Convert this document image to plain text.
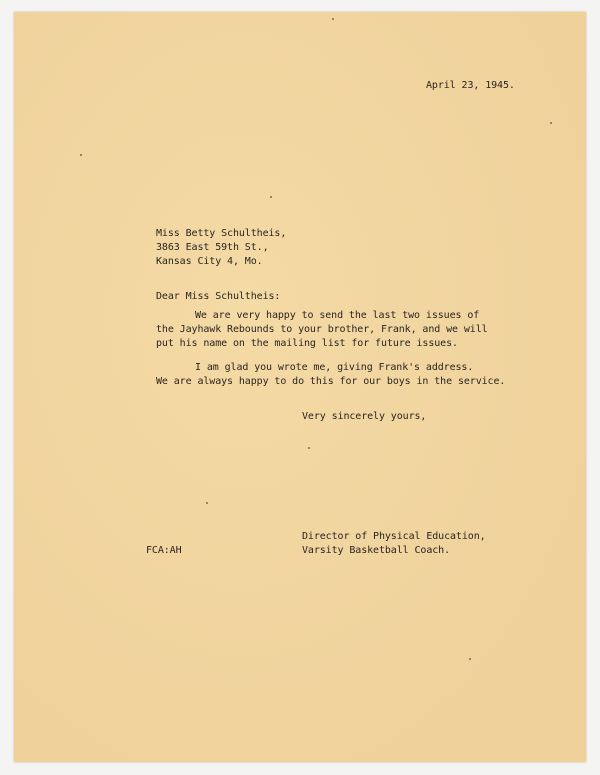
April 23, 1945.
Miss Betty Schultheis,
3863 East 59th St.,
Kansas City 4, Mo.
Dear Miss Schultheis:
We are very happy to send the last two issues of
the Jayhawk Rebounds to your brother, Frank, and we will
put his name on the mailing list for future issues.
I am glad you wrote me, giving Frank's address.
We are always happy to do this for our boys in the service.
Very sincerely yours,
Director of Physical Education,
Varsity Basketball Coach.
FCA:AH
